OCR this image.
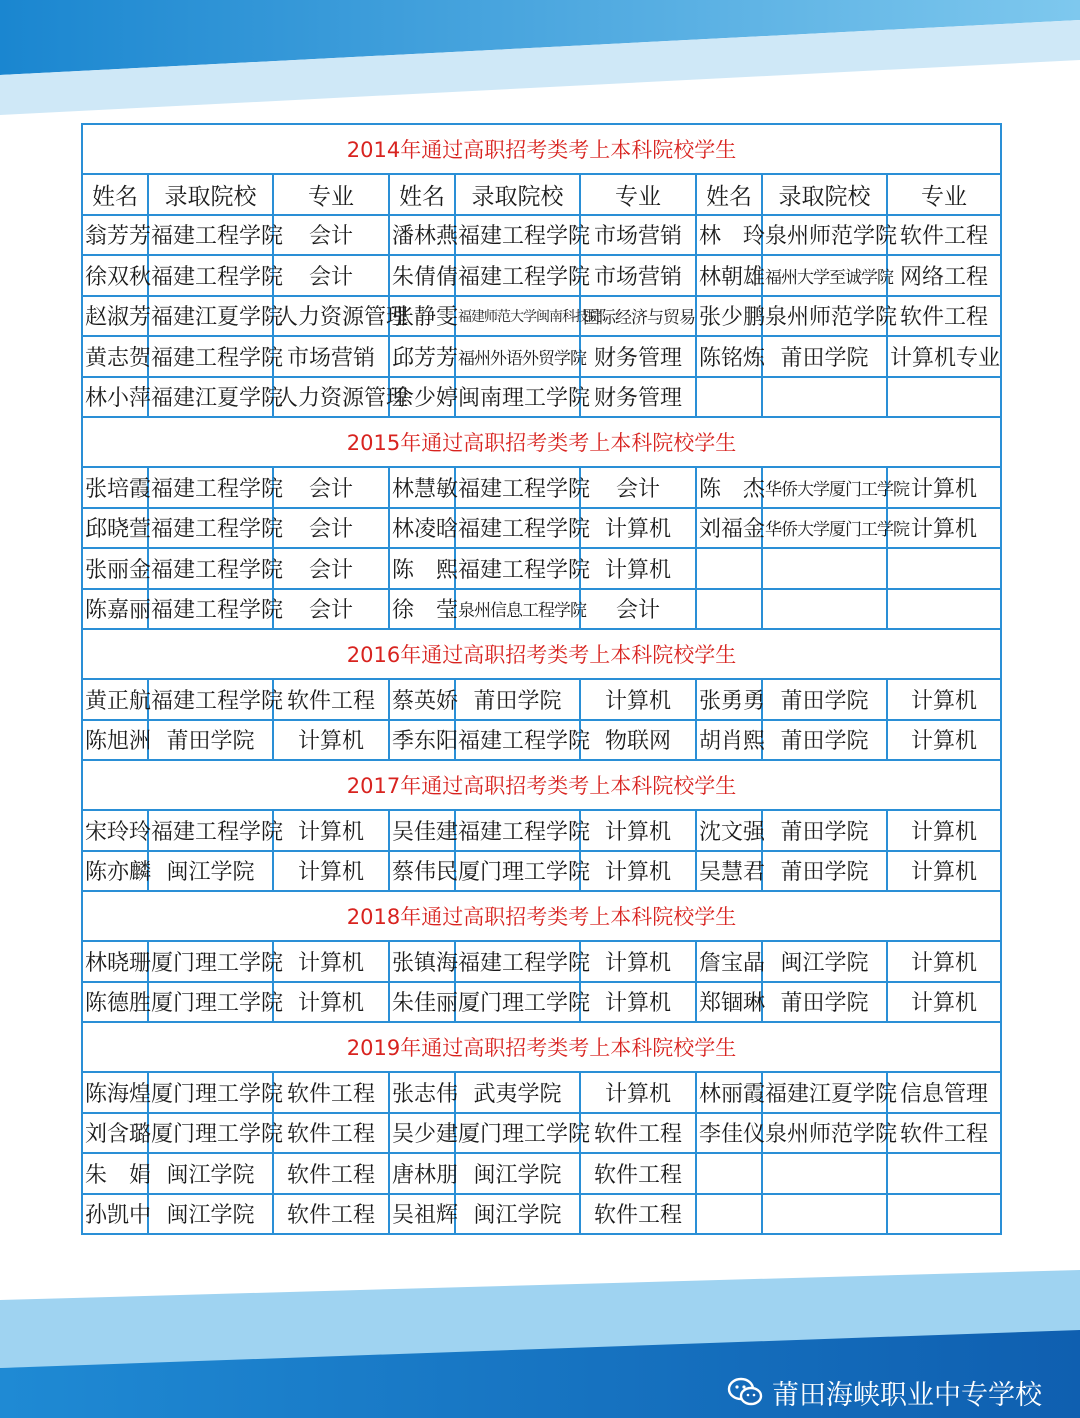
2014年通过高职招考类考上本科院校学生								
姓名	录取院校	专业	姓名	录取院校	专业	姓名	录取院校	专业
翁芳芳	福建工程学院	会计	潘林燕	福建工程学院	市场营销	林　玲	泉州师范学院	软件工程
徐双秋	福建工程学院	会计	朱倩倩	福建工程学院	市场营销	林朝雄	福州大学至诚学院	网络工程
赵淑芳	福建江夏学院	人力资源管理	张静雯	福建师范大学闽南科技院	国际经济与贸易	张少鹏	泉州师范学院	软件工程
黄志贺	福建工程学院	市场营销	邱芳芳	福州外语外贸学院	财务管理	陈铭炼	莆田学院	计算机专业
林小萍	福建江夏学院	人力资源管理	佘少婷	闽南理工学院	财务管理			
2015年通过高职招考类考上本科院校学生								
张培霞	福建工程学院	会计	林慧敏	福建工程学院	会计	陈　杰	华侨大学厦门工学院	计算机
邱晓萱	福建工程学院	会计	林凌晗	福建工程学院	计算机	刘福金	华侨大学厦门工学院	计算机
张丽金	福建工程学院	会计	陈　熙	福建工程学院	计算机			
陈嘉丽	福建工程学院	会计	徐　莹	泉州信息工程学院	会计			
2016年通过高职招考类考上本科院校学生								
黄正航	福建工程学院	软件工程	蔡英娇	莆田学院	计算机	张勇勇	莆田学院	计算机
陈旭洲	莆田学院	计算机	季东阳	福建工程学院	物联网	胡肖熙	莆田学院	计算机
2017年通过高职招考类考上本科院校学生								
宋玲玲	福建工程学院	计算机	吴佳建	福建工程学院	计算机	沈文强	莆田学院	计算机
陈亦麟	闽江学院	计算机	蔡伟民	厦门理工学院	计算机	吴慧君	莆田学院	计算机
2018年通过高职招考类考上本科院校学生								
林晓珊	厦门理工学院	计算机	张镇海	福建工程学院	计算机	詹宝晶	闽江学院	计算机
陈德胜	厦门理工学院	计算机	朱佳丽	厦门理工学院	计算机	郑锢琳	莆田学院	计算机
2019年通过高职招考类考上本科院校学生								
陈海煌	厦门理工学院	软件工程	张志伟	武夷学院	计算机	林丽霞	福建江夏学院	信息管理
刘含璐	厦门理工学院	软件工程	吴少建	厦门理工学院	软件工程	李佳仪	泉州师范学院	软件工程
朱　娟	闽江学院	软件工程	唐林朋	闽江学院	软件工程			
孙凯中	闽江学院	软件工程	吴祖辉	闽江学院	软件工程			
莆田海峡职业中专学校
